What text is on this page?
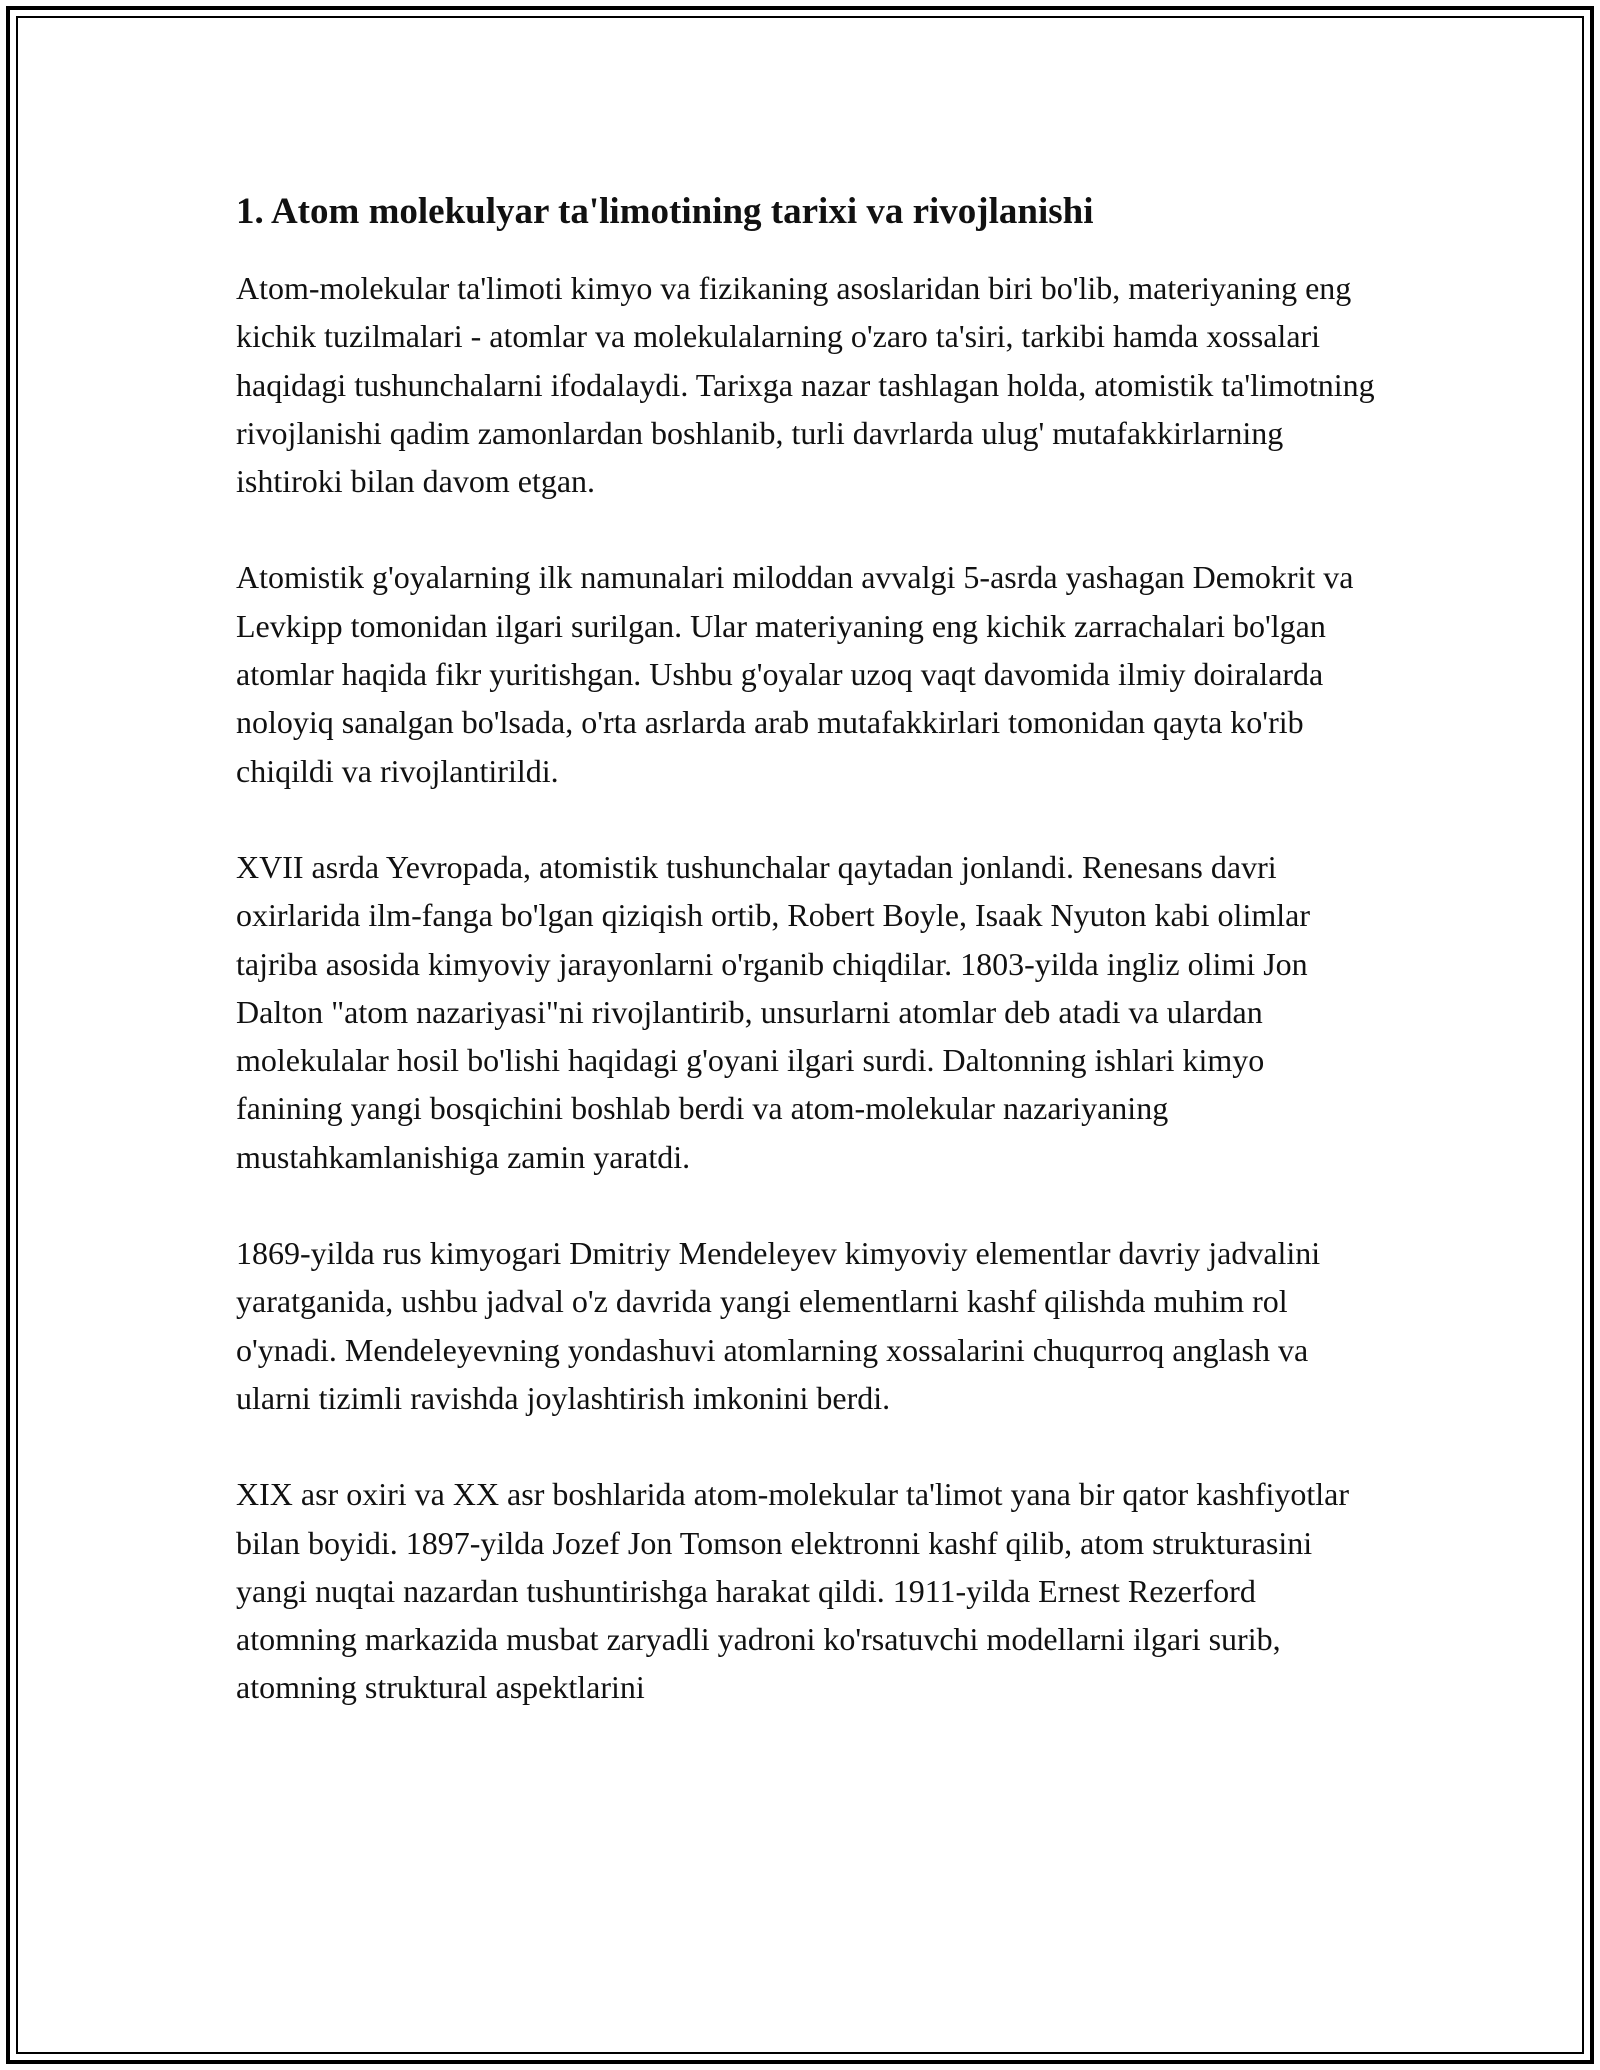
1. Atom molekulyar ta'limotining tarixi va rivojlanishi

Atom-molekular ta'limoti kimyo va fizikaning asoslaridan biri bo'lib, materiyaning eng kichik tuzilmalari - atomlar va molekulalarning o'zaro ta'siri, tarkibi hamda xossalari haqidagi tushunchalarni ifodalaydi. Tarixga nazar tashlagan holda, atomistik ta'limotning rivojlanishi qadim zamonlardan boshlanib, turli davrlarda ulug' mutafakkirlarning ishtiroki bilan davom etgan.

Atomistik g'oyalarning ilk namunalari miloddan avvalgi 5-asrda yashagan Demokrit va Levkipp tomonidan ilgari surilgan. Ular materiyaning eng kichik zarrachalari bo'lgan atomlar haqida fikr yuritishgan. Ushbu g'oyalar uzoq vaqt davomida ilmiy doiralarda noloyiq sanalgan bo'lsada, o'rta asrlarda arab mutafakkirlari tomonidan qayta ko'rib chiqildi va rivojlantirildi.

XVII asrda Yevropada, atomistik tushunchalar qaytadan jonlandi. Renesans davri oxirlarida ilm-fanga bo'lgan qiziqish ortib, Robert Boyle, Isaak Nyuton kabi olimlar tajriba asosida kimyoviy jarayonlarni o'rganib chiqdilar. 1803-yilda ingliz olimi Jon Dalton "atom nazariyasi"ni rivojlantirib, unsurlarni atomlar deb atadi va ulardan molekulalar hosil bo'lishi haqidagi g'oyani ilgari surdi. Daltonning ishlari kimyo fanining yangi bosqichini boshlab berdi va atom-molekular nazariyaning mustahkamlanishiga zamin yaratdi.

1869-yilda rus kimyogari Dmitriy Mendeleyev kimyoviy elementlar davriy jadvalini yaratganida, ushbu jadval o'z davrida yangi elementlarni kashf qilishda muhim rol o'ynadi. Mendeleyevning yondashuvi atomlarning xossalarini chuqurroq anglash va ularni tizimli ravishda joylashtirish imkonini berdi.

XIX asr oxiri va XX asr boshlarida atom-molekular ta'limot yana bir qator kashfiyotlar bilan boyidi. 1897-yilda Jozef Jon Tomson elektronni kashf qilib, atom strukturasini yangi nuqtai nazardan tushuntirishga harakat qildi. 1911-yilda Ernest Rezerford atomning markazida musbat zaryadli yadroni ko'rsatuvchi modellarni ilgari surib, atomning struktural aspektlarini
